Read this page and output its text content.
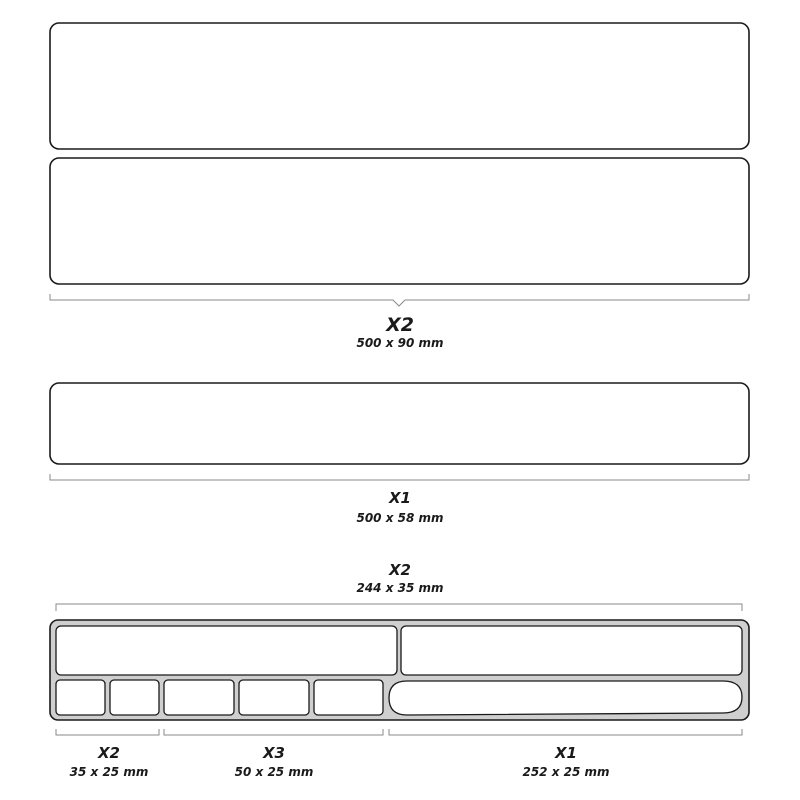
X2
500 x 90 mm
X1
500 x 58 mm
X2
244 x 35 mm
X2
35 x 25 mm
X3
50 x 25 mm
X1
252 x 25 mm
